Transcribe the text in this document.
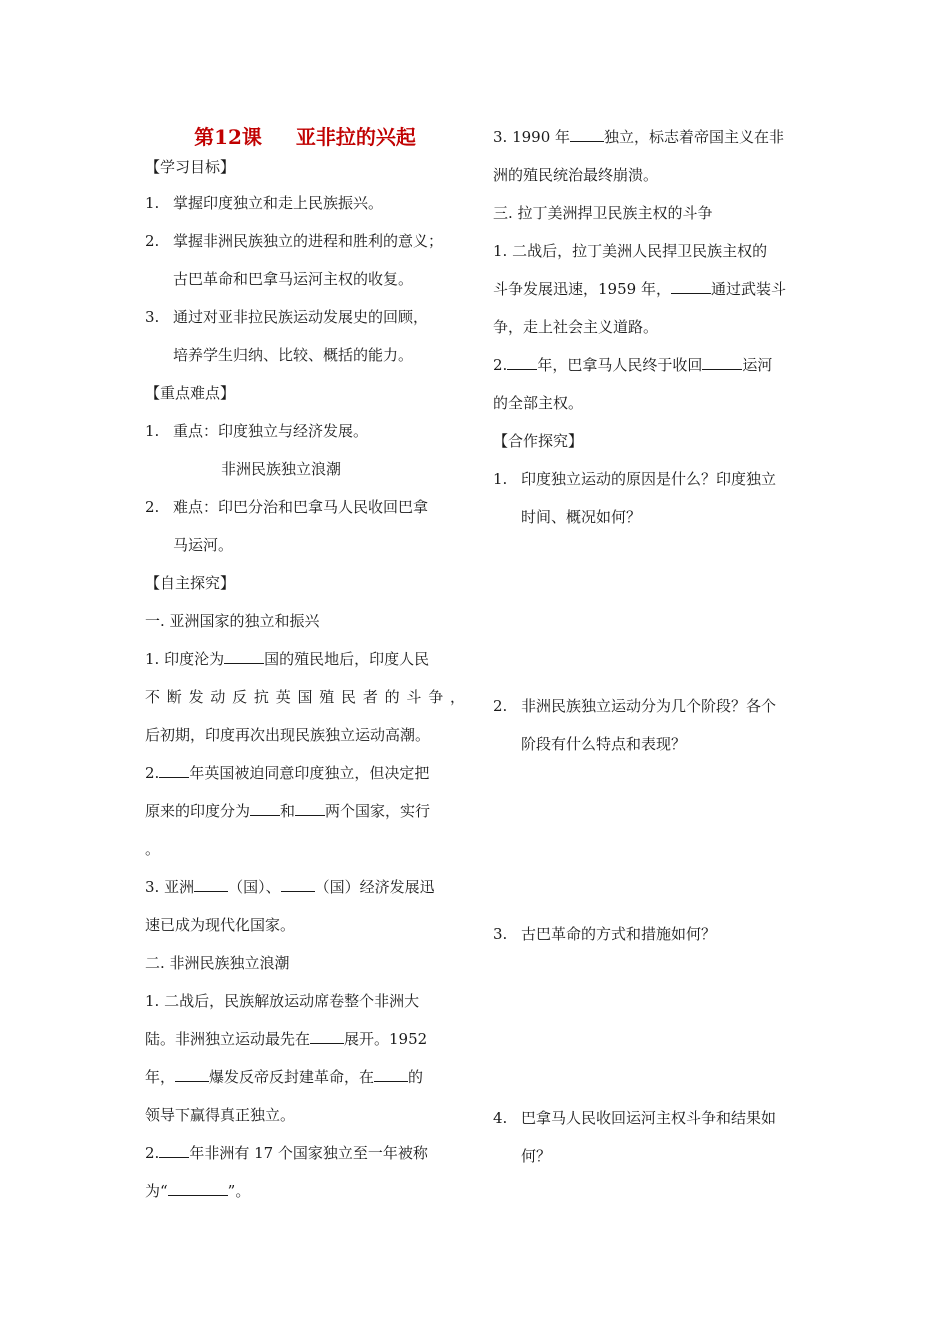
第12课 亚非拉的兴起
【学习目标】
1. 掌握印度独立和走上民族振兴。
2. 掌握非洲民族独立的进程和胜利的意义；
古巴革命和巴拿马运河主权的收复。
3. 通过对亚非拉民族运动发展史的回顾，
培养学生归纳、比较、概括的能力。
【重点难点】
1. 重点：印度独立与经济发展。
非洲民族独立浪潮
2. 难点：印巴分治和巴拿马人民收回巴拿
马运河。
【自主探究】
一. 亚洲国家的独立和振兴
1. 印度沦为	国的殖民地后，印度人民
不断发动反抗英国殖民者的斗争，
后初期，印度再次出现民族独立运动高潮。
2. 年英国被迫同意印度独立，但决定把
原来的印度分为 和 两个国家，实行
。
3. 亚洲 （国）、 （国）经济发展迅
速已成为现代化国家。
二. 非洲民族独立浪潮
1. 二战后，民族解放运动席卷整个非洲大
陆。非洲独立运动最先在 展开。1952
年， 爆发反帝反封建革命，在 的
领导下赢得真正独立。
2. 年非洲有 17 个国家独立至一年被称
为“	”。
3. 1990 年 独立，标志着帝国主义在非
洲的殖民统治最终崩溃。
三. 拉丁美洲捍卫民族主权的斗争
1. 二战后，拉丁美洲人民捍卫民族主权的
斗争发展迅速，1959 年，	通过武装斗
争，走上社会主义道路。
2. 年，巴拿马人民终于收回	运河
的全部主权。
【合作探究】
1. 印度独立运动的原因是什么？印度独立
时间、概况如何？
2. 非洲民族独立运动分为几个阶段？各个
阶段有什么特点和表现？
3. 古巴革命的方式和措施如何？
4. 巴拿马人民收回运河主权斗争和结果如
何？
